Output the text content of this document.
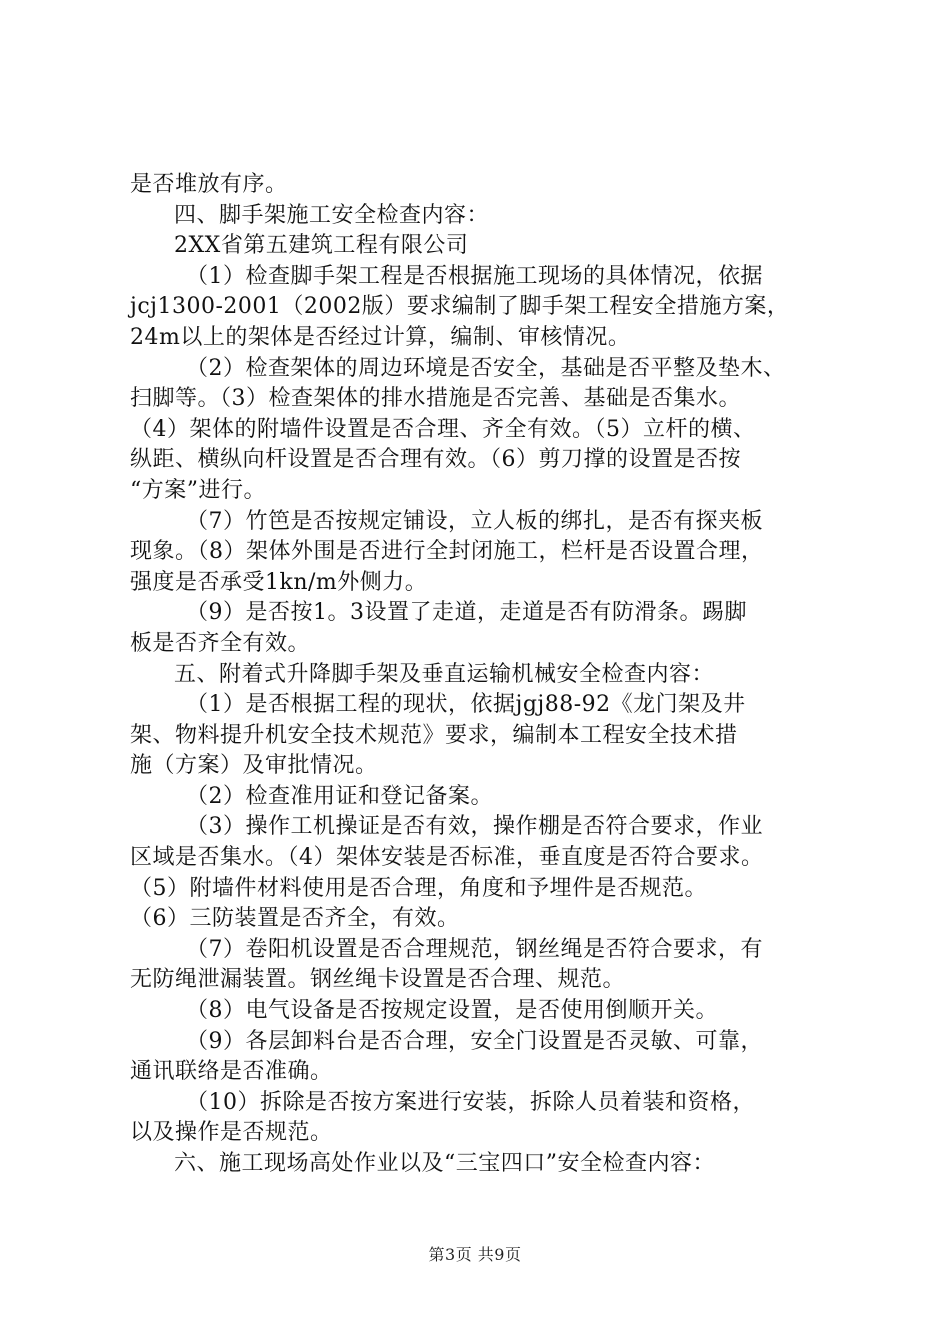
是否堆放有序。
四、脚手架施工安全检查内容：
2XX省第五建筑工程有限公司
（1）检查脚手架工程是否根据施工现场的具体情况，依据
jcj1300-2001（2002版）要求编制了脚手架工程安全措施方案，
24m以上的架体是否经过计算，编制、审核情况。
（2）检查架体的周边环境是否安全，基础是否平整及垫木、
扫脚等。（3）检查架体的排水措施是否完善、基础是否集水。
（4）架体的附墙件设置是否合理、齐全有效。（5）立杆的横、
纵距、横纵向杆设置是否合理有效。（6）剪刀撑的设置是否按
“方案”进行。
（7）竹笆是否按规定铺设，立人板的绑扎，是否有探夹板
现象。（8）架体外围是否进行全封闭施工，栏杆是否设置合理，
强度是否承受1kn/m外侧力。
（9）是否按1。3设置了走道，走道是否有防滑条。踢脚
板是否齐全有效。
五、附着式升降脚手架及垂直运输机械安全检查内容：
（1）是否根据工程的现状，依据jgj88-92《龙门架及井
架、物料提升机安全技术规范》要求，编制本工程安全技术措
施（方案）及审批情况。
（2）检查准用证和登记备案。
（3）操作工机操证是否有效，操作棚是否符合要求，作业
区域是否集水。（4）架体安装是否标准，垂直度是否符合要求。
（5）附墙件材料使用是否合理，角度和予埋件是否规范。
（6）三防装置是否齐全，有效。
（7）卷阳机设置是否合理规范，钢丝绳是否符合要求，有
无防绳泄漏装置。钢丝绳卡设置是否合理、规范。
（8）电气设备是否按规定设置，是否使用倒顺开关。
（9）各层卸料台是否合理，安全门设置是否灵敏、可靠，
通讯联络是否准确。
（10）拆除是否按方案进行安装，拆除人员着装和资格，
以及操作是否规范。
六、施工现场高处作业以及“三宝四口”安全检查内容：
第3页 共9页
